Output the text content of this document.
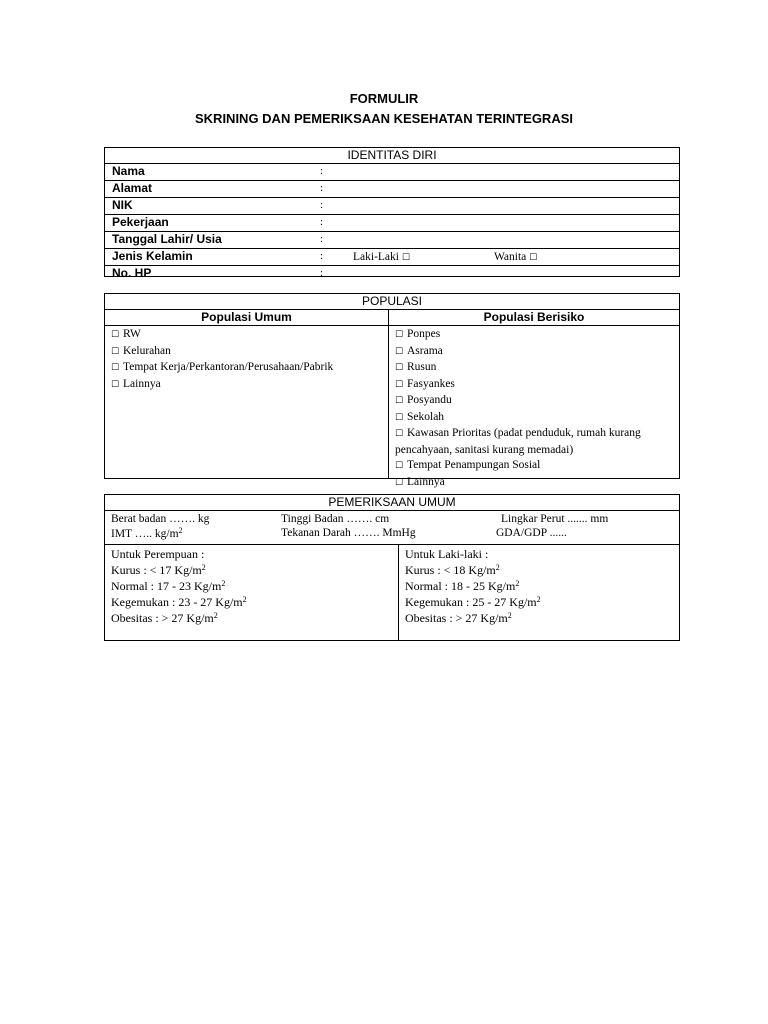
FORMULIR
SKRINING DAN PEMERIKSAAN KESEHATAN TERINTEGRASI
IDENTITAS DIRI
Nama	:
Alamat	:
NIK	:
Pekerjaan	:
Tanggal Lahir/ Usia	:
Jenis Kelamin	:	Laki-Laki ☐	Wanita ☐
No. HP	:
POPULASI
Populasi Umum
☐ RW
☐ Kelurahan
☐ Tempat Kerja/Perkantoran/Perusahaan/Pabrik
☐ Lainnya
Populasi Berisiko
☐ Ponpes
☐ Asrama
☐ Rusun
☐ Fasyankes
☐ Posyandu
☐ Sekolah
☐ Kawasan Prioritas (padat penduduk, rumah kurang pencahyaan, sanitasi kurang memadai)
☐ Tempat Penampungan Sosial
☐ Lainnya
PEMERIKSAAN UMUM
Berat badan ……. kg	Tinggi Badan ……. cm	Lingkar Perut ....... mm
IMT ….. $kg/m^2$	Tekanan Darah ……. MmHg	GDA/GDP ......
Untuk Perempuan :
Kurus : < 17 $Kg/m^2$
Normal : 17 - 23 $Kg/m^2$
Kegemukan : 23 - 27 $Kg/m^2$
Obesitas : > 27 $Kg/m^2$
Untuk Laki-laki :
Kurus : < 18 $Kg/m^2$
Normal : 18 - 25 $Kg/m^2$
Kegemukan : 25 - 27 $Kg/m^2$
Obesitas : > 27 $Kg/m^2$
